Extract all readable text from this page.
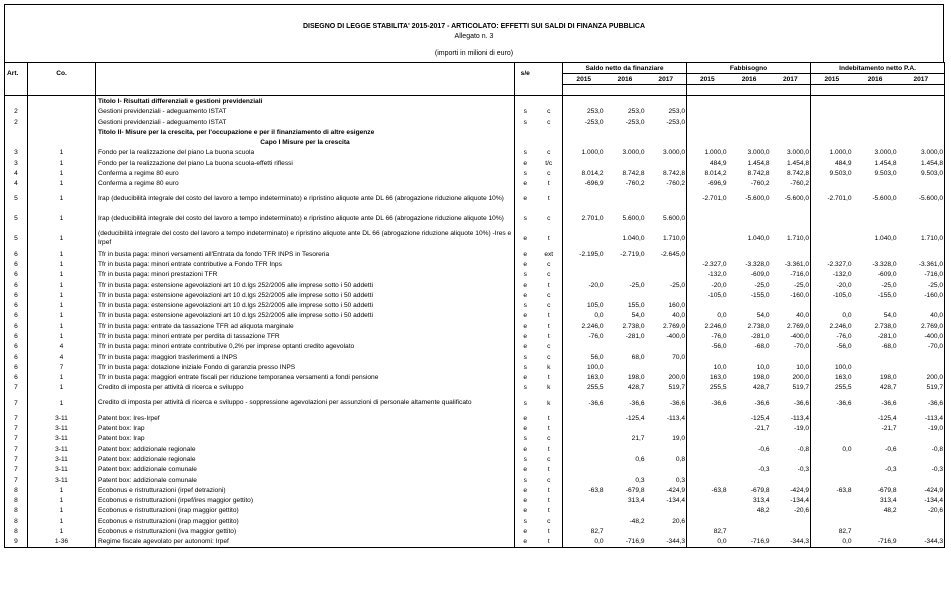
DISEGNO DI LEGGE STABILITA' 2015-2017 - ARTICOLATO: EFFETTI SUI SALDI DI FINANZA PUBBLICA
Allegato n. 3
(importi in milioni di euro)
Art.	Co.		s/e		Saldo netto da finanziare			Fabbisogno			Indebitamento netto P.A.		
					2015	2016	2017	2015	2016	2017	2015	2016	2017

		Titolo I- Risultati differenziali e gestioni previdenziali											
2		Gestioni previdenziali - adeguamento ISTAT	s	c	253,0	253,0	253,0						
2		Gestioni previdenziali - adeguamento ISTAT	s	c	-253,0	-253,0	-253,0						
		Titolo II- Misure per la crescita, per l'occupazione e per il finanziamento di altre esigenze											
		Capo I Misure per la crescita											
3	1	Fondo per la realizzazione del piano La buona scuola	s	c	1.000,0	3.000,0	3.000,0	1.000,0	3.000,0	3.000,0	1.000,0	3.000,0	3.000,0
3	1	Fondo per la realizzazione del piano La buona scuola-effetti riflessi	e	t/c				484,9	1.454,8	1.454,8	484,9	1.454,8	1.454,8
4	1	Conferma a regime 80 euro	s	c	8.014,2	8.742,8	8.742,8	8.014,2	8.742,8	8.742,8	9.503,0	9.503,0	9.503,0
4	1	Conferma a regime 80 euro	e	t	-696,9	-760,2	-760,2	-696,9	-760,2	-760,2			
5	1	Irap (deducibilità integrale del costo del lavoro a tempo indeterminato) e ripristino aliquote ante DL 66 (abrogazione riduzione aliquote 10%)	e	t				-2.701,0	-5.600,0	-5.600,0	-2.701,0	-5.600,0	-5.600,0
5	1	Irap (deducibilità integrale del costo del lavoro a tempo indeterminato) e ripristino aliquote ante DL 66 (abrogazione riduzione aliquote 10%)	s	c	2.701,0	5.600,0	5.600,0						
5	1	(deducibilità integrale del costo del lavoro a tempo indeterminato) e ripristino aliquote ante DL 66 (abrogazione riduzione aliquote 10%) -Ires e Irpef	e	t		1.040,0	1.710,0		1.040,0	1.710,0		1.040,0	1.710,0
6	1	Tfr in busta paga: minori versamenti all'Entrata da fondo TFR INPS in Tesoreria	e	ext	-2.195,0	-2.719,0	-2.645,0						
6	1	Tfr in busta paga: minori entrate contributive a Fondo TFR Inps	e	c				-2.327,0	-3.328,0	-3.361,0	-2.327,0	-3.328,0	-3.361,0
6	1	Tfr in busta paga: minori prestazioni TFR	s	c				-132,0	-609,0	-716,0	-132,0	-609,0	-716,0
6	1	Tfr in busta paga: estensione agevolazioni art 10 d.lgs 252/2005 alle imprese sotto i 50 addetti	e	t	-20,0	-25,0	-25,0	-20,0	-25,0	-25,0	-20,0	-25,0	-25,0
6	1	Tfr in busta paga: estensione agevolazioni art 10 d.lgs 252/2005 alle imprese sotto i 50 addetti	e	c				-105,0	-155,0	-160,0	-105,0	-155,0	-160,0
6	1	Tfr in busta paga: estensione agevolazioni art 10 d.lgs 252/2005 alle imprese sotto i 50 addetti	s	c	105,0	155,0	160,0						
6	1	Tfr in busta paga: estensione agevolazioni art 10 d.lgs 252/2005 alle imprese sotto i 50 addetti	e	t	0,0	54,0	40,0	0,0	54,0	40,0	0,0	54,0	40,0
6	1	Tfr in busta paga: entrate da tassazione TFR ad aliquota marginale	e	t	2.246,0	2.738,0	2.769,0	2.246,0	2.738,0	2.769,0	2.246,0	2.738,0	2.769,0
6	1	Tfr in busta paga: minori entrate per perdita di tassazione TFR	e	t	-76,0	-281,0	-400,0	-76,0	-281,0	-400,0	-76,0	-281,0	-400,0
6	4	Tfr in busta paga: minori entrate contributive 0,2% per imprese optanti credito agevolato	e	c				-56,0	-68,0	-70,0	-56,0	-68,0	-70,0
6	4	Tfr in busta paga: maggiori trasferimenti a INPS	s	c	56,0	68,0	70,0						
6	7	Tfr in busta paga: dotazione iniziale Fondo di garanzia presso INPS	s	k	100,0			10,0	10,0	10,0	100,0		
6	1	Tfr in busta paga: maggiori entrate fiscali per riduzione temporanea versamenti a fondi pensione	e	t	163,0	198,0	200,0	163,0	198,0	200,0	163,0	198,0	200,0
7	1	Credito di imposta per attività di ricerca e sviluppo	s	k	255,5	428,7	519,7	255,5	428,7	519,7	255,5	428,7	519,7
7	1	Credito di imposta per attività di ricerca e sviluppo - soppressione agevolazioni per assunzioni di personale altamente qualificato	s	k	-36,6	-36,6	-36,6	-36,6	-36,6	-36,6	-36,6	-36,6	-36,6
7	3-11	Patent box: Ires-Irpef	e	t		-125,4	-113,4		-125,4	-113,4		-125,4	-113,4
7	3-11	Patent box: Irap	e	t					-21,7	-19,0		-21,7	-19,0
7	3-11	Patent box: Irap	s	c		21,7	19,0						
7	3-11	Patent box: addizionale regionale	e	t					-0,6	-0,8	0,0	-0,6	-0,8
7	3-11	Patent box: addizionale regionale	s	c		0,6	0,8						
7	3-11	Patent box: addizionale comunale	e	t					-0,3	-0,3		-0,3	-0,3
7	3-11	Patent box: addizionale comunale	s	c		0,3	0,3						
8	1	Ecobonus e ristrutturazioni (irpef detrazioni)	e	t	-63,8	-679,8	-424,9	-63,8	-679,8	-424,9	-63,8	-679,8	-424,9
8	1	Ecobonus e ristrutturazioni (irpef/ires maggior gettito)	e	t		313,4	-134,4		313,4	-134,4		313,4	-134,4
8	1	Ecobonus e ristrutturazioni (irap maggior gettito)	e	t					48,2	-20,6		48,2	-20,6
8	1	Ecobonus e ristrutturazioni (irap maggior gettito)	s	c		-48,2	20,6						
8	1	Ecobonus e ristrutturazioni (iva maggior gettito)	e	t	82,7			82,7			82,7		
9	1-36	Regime fiscale agevolato per autonomi: Irpef	e	t	0,0	-716,9	-344,3	0,0	-716,9	-344,3	0,0	-716,9	-344,3
